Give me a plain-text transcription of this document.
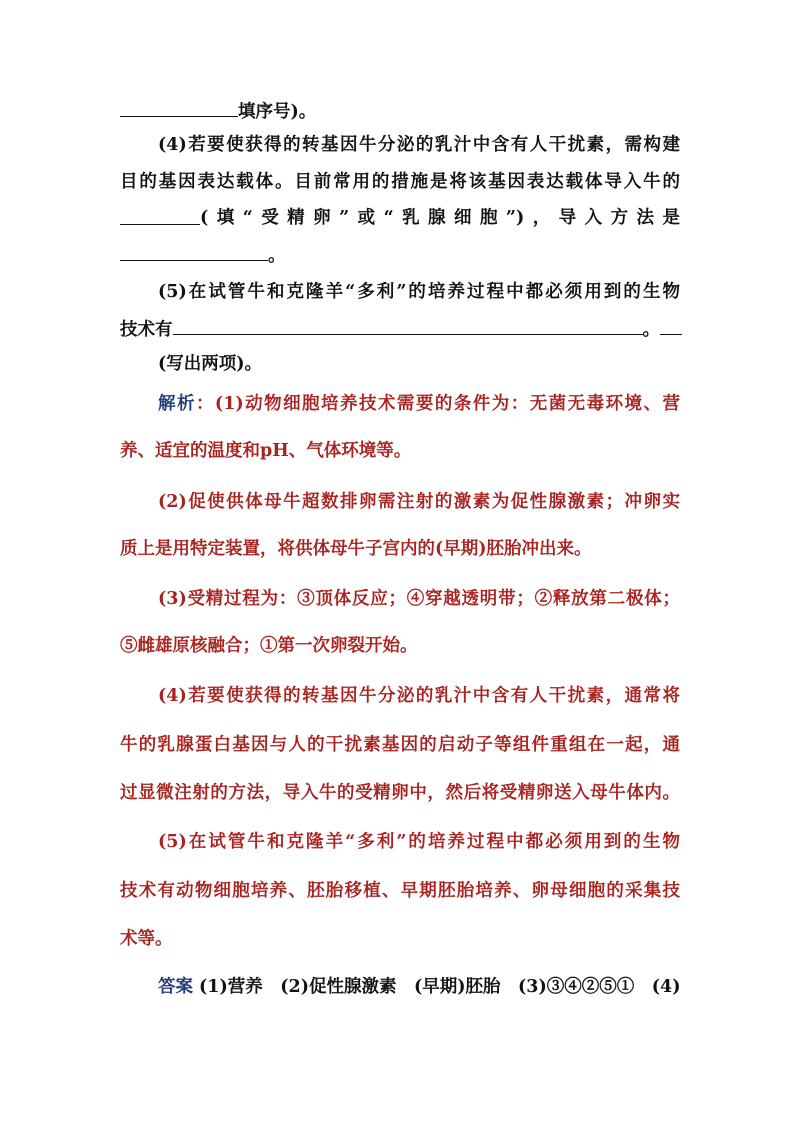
填序号)。
(4)若要使获得的转基因牛分泌的乳汁中含有人干扰素，需构建
目的基因表达载体。目前常用的措施是将该基因表达载体导入牛的
(填“受精卵”或“乳腺细胞”)，导入方法是
。
(5)在试管牛和克隆羊“多利”的培养过程中都必须用到的生物
技术有	。
(写出两项)。
解析：(1)动物细胞培养技术需要的条件为：无菌无毒环境、营
养、适宜的温度和pH、气体环境等。
(2)促使供体母牛超数排卵需注射的激素为促性腺激素；冲卵实
质上是用特定装置，将供体母牛子宫内的(早期)胚胎冲出来。
(3)受精过程为：③顶体反应；④穿越透明带；②释放第二极体；
⑤雌雄原核融合；①第一次卵裂开始。
(4)若要使获得的转基因牛分泌的乳汁中含有人干扰素，通常将
牛的乳腺蛋白基因与人的干扰素基因的启动子等组件重组在一起，通
过显微注射的方法，导入牛的受精卵中，然后将受精卵送入母牛体内。
(5)在试管牛和克隆羊“多利”的培养过程中都必须用到的生物
技术有动物细胞培养、胚胎移植、早期胚胎培养、卵母细胞的采集技
术等。
答案 (1)营养　(2)促性腺激素　(早期)胚胎　(3)③④②⑤①　(4)
